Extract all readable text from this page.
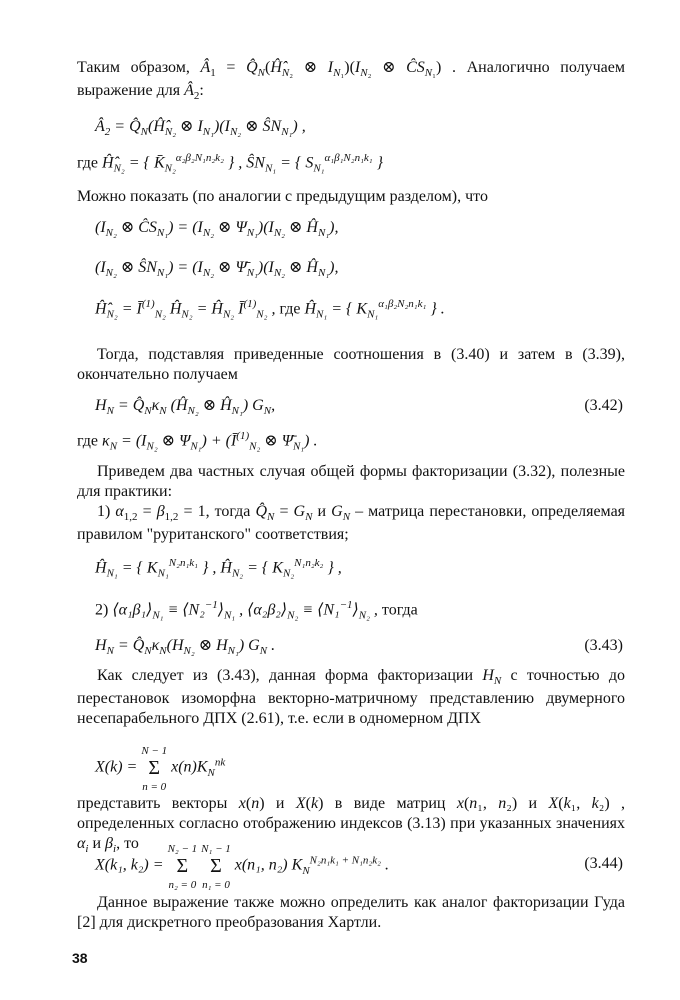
Таким образом, $Â_1$ = $Q̂_N(Ĥ̂_{N_2}$ ⊗ $I_{N_1})(I_{N_2}$ ⊗ $ĈS_{N_1}$) . Аналогично получаем выражение для $Â_2$:

$Â_2$ = $Q̂_N(Ĥ̂_{N_2}$ ⊗ $I_{N_1})(I_{N_2}$ ⊗ $ŜN_{N_1}$) ,
где $Ĥ̂_{N_2}$ = { $K̄_{N_2}^{\alpha_2\beta_2N_1n_2k_2}$ } , $ŜN_{N_1}$ = { $S_{N_1}^{\alpha_1\beta_1N_2n_1k_1}$ }

Можно показать (по аналогии с предыдущим разделом), что

($I_{N_2}$ ⊗ $ĈS_{N_1}) = (I_{N_2}$ ⊗ $\Psi_{N_1})(I_{N_2}$ ⊗ $Ĥ_{N_1}$),
($I_{N_2}$ ⊗ $ŜN_{N_1}) = (I_{N_2}$ ⊗ $\Psī_{N_1})(I_{N_2}$ ⊗ $Ĥ_{N_1}$),
$Ĥ̂_{N_2}$ = $Ī^{(1)}_{N_2}$ $Ĥ_{N_2}$ = $Ĥ_{N_2}$ $Ī^{(1)}_{N_2}$ , где $Ĥ_{N_1}$ = { $K_{N_1}^{\alpha_1\beta_2N_2n_1k_1}$ } .

Тогда, подставляя приведенные соотношения в (3.40) и затем в (3.39), окончательно получаем

$H_N$ = $Q̂_N\kappa_N$ ($Ĥ_{N_2}$ ⊗ $Ĥ_{N_1}$) $G_N$,	(3.42)
где $\kappa_N = (I_{N_2}$ ⊗ $\Psi_{N_1}$) + ($Ī^{(1)}_{N_2}$ ⊗ $\Psī_{N_1}$) .

Приведем два частных случая общей формы факторизации (3.32), полезные для практики:

1) $\alpha_{1,2} = \beta_{1,2} = 1$, тогда $Q̂_N = G_N$ и $G_N$ – матрица перестановки, определяемая правилом "руританского" соответствия;

$Ĥ_{N_1}$ = { $K_{N_1}^{N_2n_1k_1}$ } , $Ĥ_{N_2}$ = { $K_{N_2}^{N_1n_2k_2}$ } ,
2) $⟨\alpha_1\beta_1⟩_{N_1}$ ≡ $⟨N_2^{-1}⟩_{N_1}$ , $⟨\alpha_2\beta_2⟩_{N_2}$ ≡ $⟨N_1^{-1}⟩_{N_2}$ , тогда
$H_N$ = $Q̂_N\kappa_N(H_{N_2}$ ⊗ $H_{N_1}$) $G_N$ .	(3.43)

Как следует из (3.43), данная форма факторизации $H_N$ с точностью до перестановок изоморфна векторно-матричному представлению двумерного несепарабельного ДПХ (2.61), т.е. если в одномерном ДПХ

X(k) = N − 1
Σ
n = 0 $x(n)K_N^{nk}$

представить векторы x(n) и X(k) в виде матриц x(n₁, n₂) и X(k₁, k₂) , определенных согласно отображению индексов (3.13) при указанных значениях $\alpha_i$ и $\beta_i$, то

X(k₁, k₂) = N₂ − 1
Σ
n₂ = 0 N₁ − 1
Σ
n₁ = 0 x(n₁, n₂) $K_N^{N_2n_1k_1 + N_1n_2k_2}$ .	(3.44)

Данное выражение также можно определить как аналог факторизации Гуда [2] для дискретного преобразования Хартли.

38
